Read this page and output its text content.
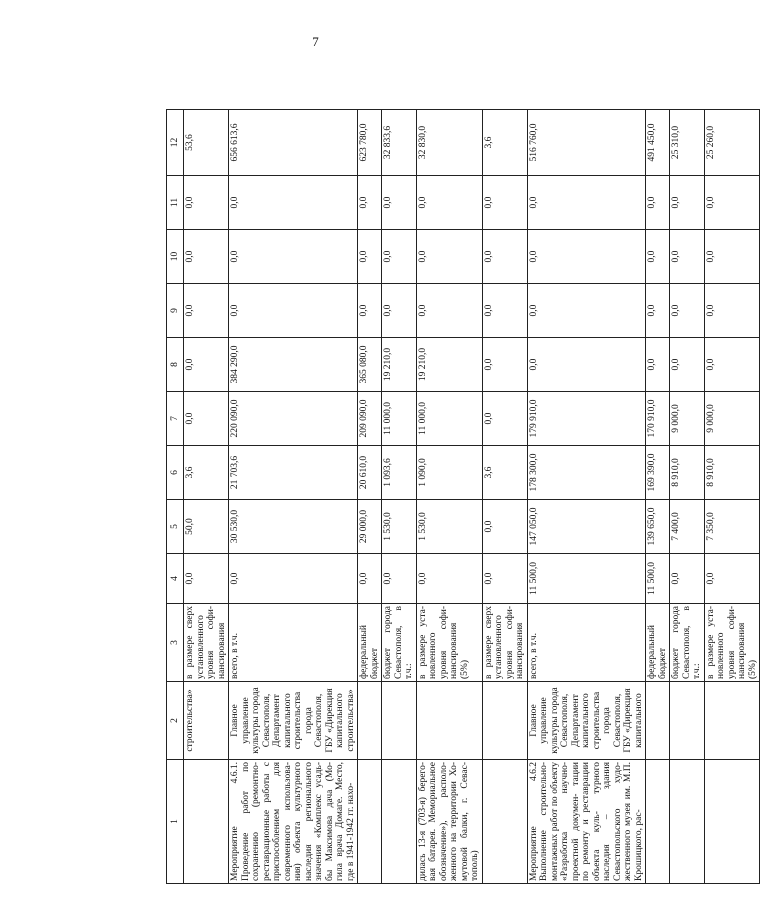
7
1	2	3	4	5	6	7	8	9	10	11	12
	строительства»	в размере сверх установленного уровня софи- нансирования	0,0	50,0	3,6	0,0	0,0	0,0	0,0	0,0	53,6
Мероприятие 4.6.1. Проведение работ по сохранению (ремонтно- реставрационные работы с приспособлением для современного использова- ния) объекта культурного наследия регионального значения «Комплекс усадь- бы Максимова дача (Мо- гила врача Домаге. Место, где в 1941-1942 гг. нахо-	Главное управление культуры города Севастополя, Департамент капитального строительства города Севастополя, ГБУ «Дирекция капитального строительства»	всего, в т.ч.	0,0	30 530,0	21 703,6	220 090,0	384 290,0	0,0	0,0	0,0	656 613,6
		федеральный бюджет	0,0	29 000,0	20 610,0	209 090,0	365 080,0	0,0	0,0	0,0	623 780,0
		бюджет города Севастополя, в т.ч.:	0,0	1 530,0	1 093,6	11 000,0	19 210,0	0,0	0,0	0,0	32 833,6
дилась 13-я (703-я) берего- вая батарея. Мемориальное обозначение»), располо- женного на территории Хо- мутовой балки, г. Севас- тополь)		в размере уста- новленного уровня софи- нансирования (5%)	0,0	1 530,0	1 090,0	11 000,0	19 210,0	0,0	0,0	0,0	32 830,0
		в размере сверх установленного уровня софи- нансирования	0,0	0,0	3,6	0,0	0,0	0,0	0,0	0,0	3,6
Мероприятие 4.6.2 Выполнение строительно- монтажных работ по объекту «Разработка научно-проектной докумен- тации по ремонту и реставрации объекта куль- турного наследия – здания Севастопольского худо- жественного музея им. М.П. Крошицкого, рас-	Главное управление культуры города Севастополя, Департамент капитального строительства города Севастополя, ГБУ «Дирекция капитального	всего, в т.ч.	11 500,0	147 050,0	178 300,0	179 910,0	0,0	0,0	0,0	0,0	516 760,0
		федеральный бюджет	11 500,0	139 650,0	169 390,0	170 910,0	0,0	0,0	0,0	0,0	491 450,0
		бюджет города Севастополя, в т.ч.:	0,0	7 400,0	8 910,0	9 000,0	0,0	0,0	0,0	0,0	25 310,0
		в размере уста- новленного уровня софи- нансирования (5%)	0,0	7 350,0	8 910,0	9 000,0	0,0	0,0	0,0	0,0	25 260,0
